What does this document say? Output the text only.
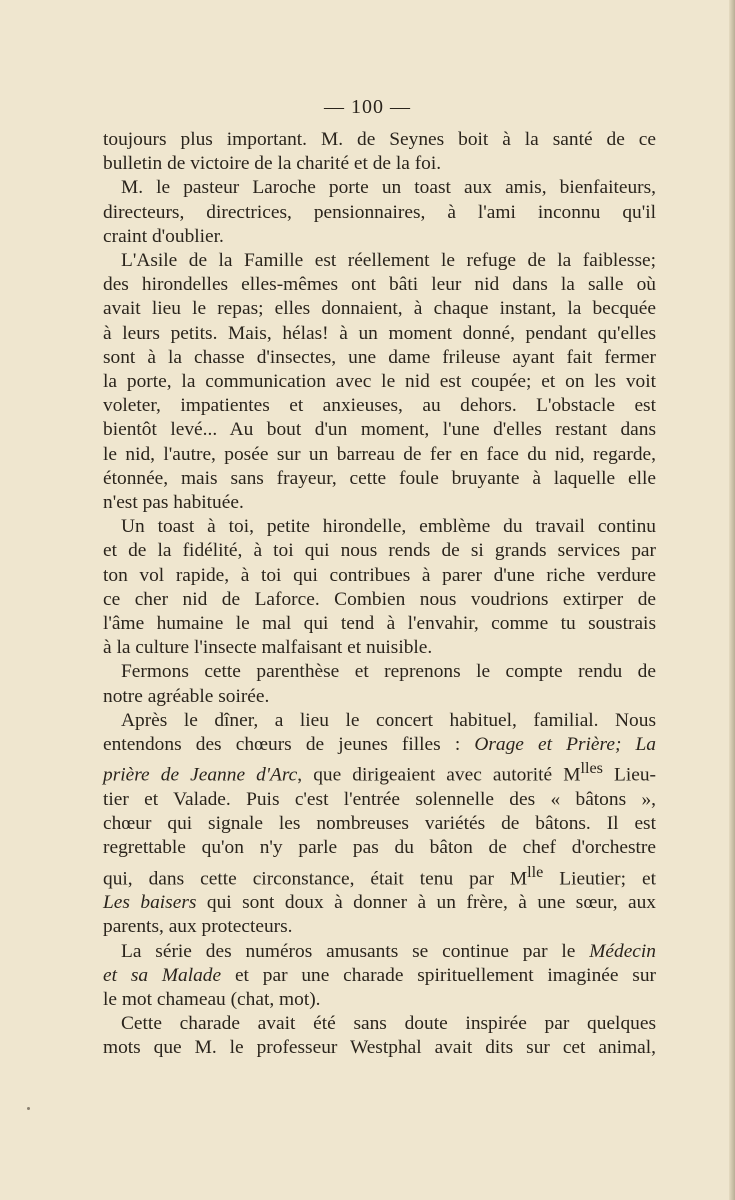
— 100 —
toujours plus important. M. de Seynes boit à la santé de ce
bulletin de victoire de la charité et de la foi.
M. le pasteur Laroche porte un toast aux amis, bienfaiteurs,
directeurs, directrices, pensionnaires, à l'ami inconnu qu'il
craint d'oublier.
L'Asile de la Famille est réellement le refuge de la faiblesse;
des hirondelles elles-mêmes ont bâti leur nid dans la salle où
avait lieu le repas; elles donnaient, à chaque instant, la becquée
à leurs petits. Mais, hélas! à un moment donné, pendant qu'elles
sont à la chasse d'insectes, une dame frileuse ayant fait fermer
la porte, la communication avec le nid est coupée; et on les voit
voleter, impatientes et anxieuses, au dehors. L'obstacle est
bientôt levé... Au bout d'un moment, l'une d'elles restant dans
le nid, l'autre, posée sur un barreau de fer en face du nid, regarde,
étonnée, mais sans frayeur, cette foule bruyante à laquelle elle
n'est pas habituée.
Un toast à toi, petite hirondelle, emblème du travail continu
et de la fidélité, à toi qui nous rends de si grands services par
ton vol rapide, à toi qui contribues à parer d'une riche verdure
ce cher nid de Laforce. Combien nous voudrions extirper de
l'âme humaine le mal qui tend à l'envahir, comme tu soustrais
à la culture l'insecte malfaisant et nuisible.
Fermons cette parenthèse et reprenons le compte rendu de
notre agréable soirée.
Après le dîner, a lieu le concert habituel, familial. Nous
entendons des chœurs de jeunes filles : Orage et Prière; La
prière de Jeanne d'Arc, que dirigeaient avec autorité $M^{lles}$ Lieu-
tier et Valade. Puis c'est l'entrée solennelle des « bâtons »,
chœur qui signale les nombreuses variétés de bâtons. Il est
regrettable qu'on n'y parle pas du bâton de chef d'orchestre
qui, dans cette circonstance, était tenu par $M^{lle}$ Lieutier; et
Les baisers qui sont doux à donner à un frère, à une sœur, aux
parents, aux protecteurs.
La série des numéros amusants se continue par le Médecin
et sa Malade et par une charade spirituellement imaginée sur
le mot chameau (chat, mot).
Cette charade avait été sans doute inspirée par quelques
mots que M. le professeur Westphal avait dits sur cet animal,
